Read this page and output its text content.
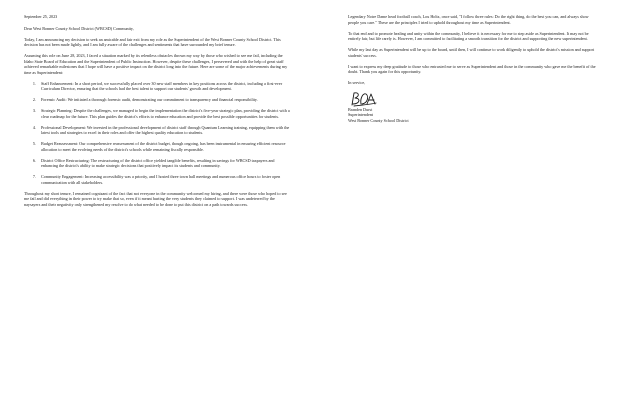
September 25, 2023

Dear West Bonner County School District (WBCSD) Community,

Today, I am announcing my decision to seek an amicable and fair exit from my role as the Superintendent of the West Bonner County School District. This decision has not been made lightly, and I am fully aware of the challenges and sentiments that have surrounded my brief tenure.

Assuming this role on June 28, 2023, I faced a situation marked by its relentless obstacles thrown my way by those who wished to see me fail, including the Idaho State Board of Education and the Superintendent of Public Instruction. However, despite these challenges, I persevered and with the help of great staff achieved remarkable milestones that I hope will have a positive impact on the district long into the future. Here are some of the major achievements during my time as Superintendent:

1. Staff Enhancement: In a short period, we successfully placed over 30 new staff members in key positions across the district, including a first-ever Curriculum Director, ensuring that the schools had the best talent to support our students' growth and development.
2. Forensic Audit: We initiated a thorough forensic audit, demonstrating our commitment to transparency and financial responsibility.
3. Strategic Planning: Despite the challenges, we managed to begin the implementation the district's five-year strategic plan, providing the district with a clear roadmap for the future. This plan guides the district's efforts to enhance education and provide the best possible opportunities for students.
4. Professional Development: We invested in the professional development of district staff through Quantum Learning training, equipping them with the latest tools and strategies to excel in their roles and offer the highest quality education to students.
5. Budget Reassessment: Our comprehensive reassessment of the district budget, though ongoing, has been instrumental in ensuring efficient resource allocation to meet the evolving needs of the district's schools while remaining fiscally responsible.
6. District Office Restructuring: The restructuring of the district office yielded tangible benefits, resulting in savings for WBCSD taxpayers and enhancing the district's ability to make strategic decisions that positively impact its students and community.
7. Community Engagement: Increasing accessibility was a priority, and I hosted three town hall meetings and numerous office hours to foster open communication with all stakeholders.

Throughout my short tenure, I remained cognizant of the fact that not everyone in the community welcomed my hiring, and there were those who hoped to see me fail and did everything in their power to try make that so, even if it meant hurting the very students they claimed to support. I was undeterred by the naysayers and their negativity only strengthened my resolve to do what needed to be done to put this district on a path towards success.

Legendary Notre Dame head football coach, Lou Holtz, once said, "I follow three rules: Do the right thing, do the best you can, and always show people you care." These are the principles I tried to uphold throughout my time as Superintendent.

To that end and to promote healing and unity within the community, I believe it is necessary for me to step aside as Superintendent. It may not be entirely fair, but life rarely is. However, I am committed to facilitating a smooth transition for the district and supporting the new superintendent.

While my last day as Superintendent will be up to the board, until then, I will continue to work diligently to uphold the district's mission and support students' success.

I want to express my deep gratitude to those who entrusted me to serve as Superintendent and those in the community who gave me the benefit of the doubt. Thank you again for this opportunity.

In service,

Branden Durst

Superintendent

West Bonner County School District
